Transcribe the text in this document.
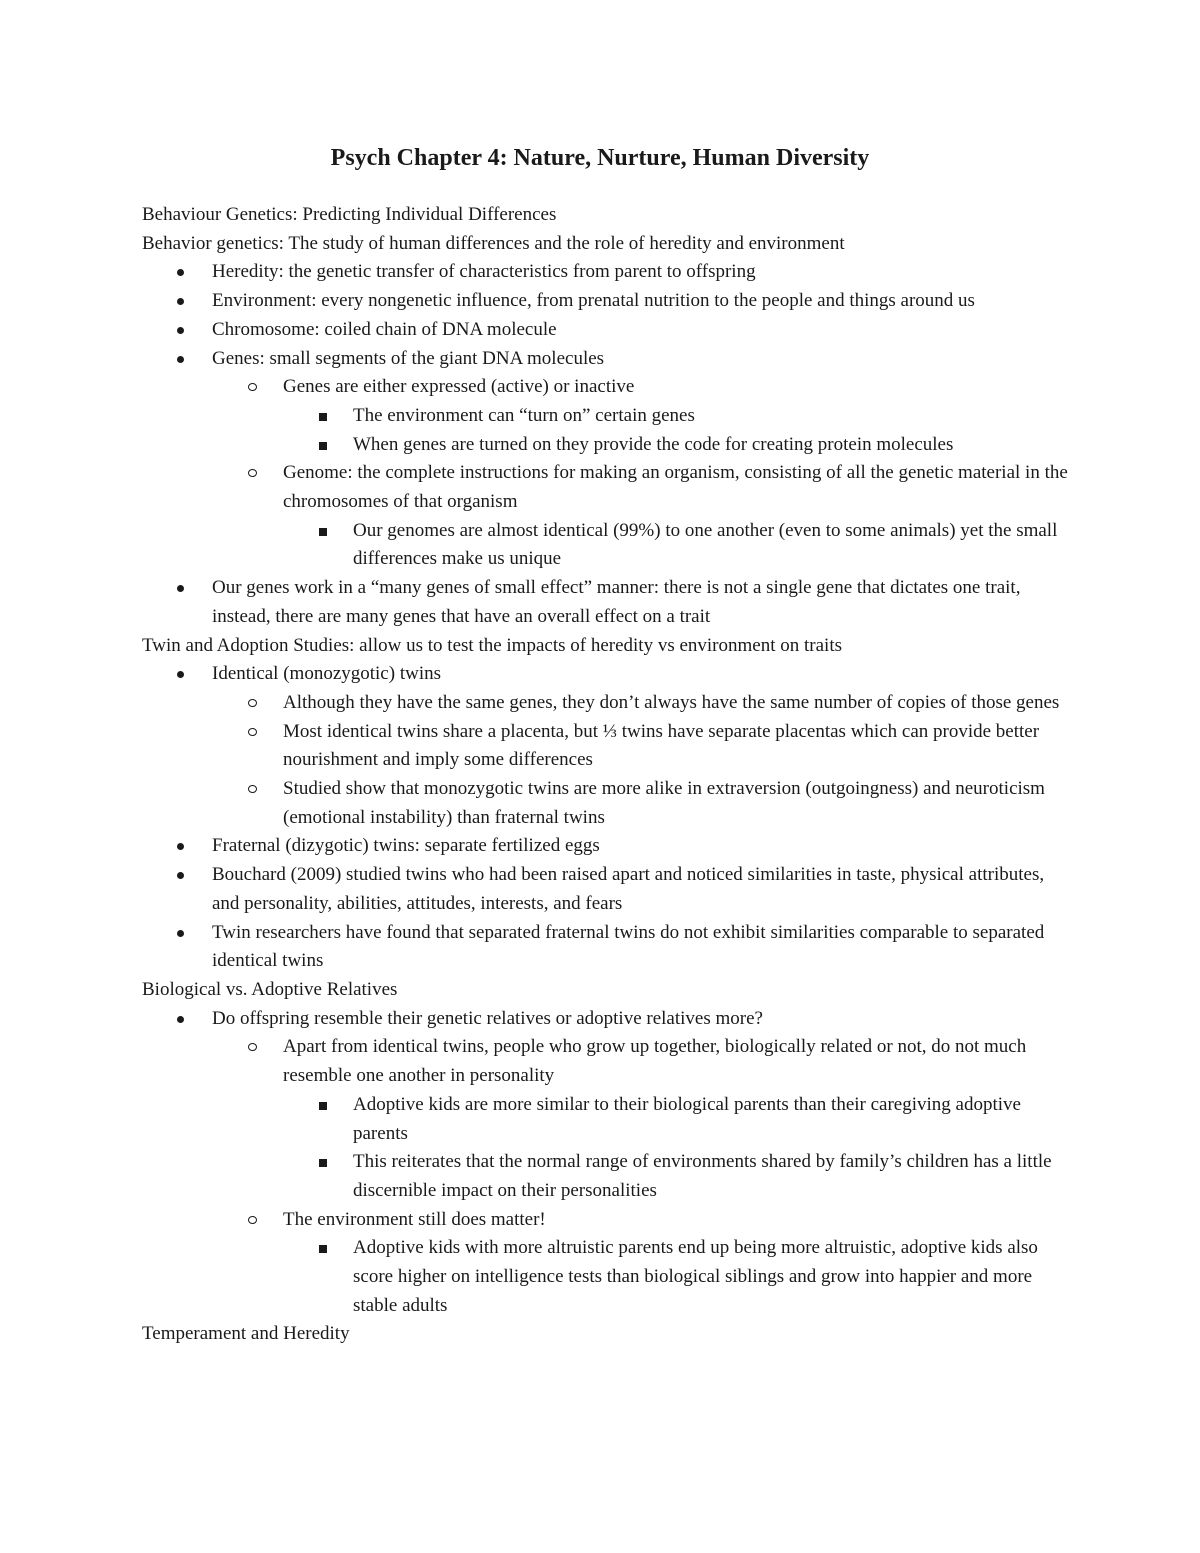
Psych Chapter 4: Nature, Nurture, Human Diversity

Behaviour Genetics: Predicting Individual Differences

Behavior genetics: The study of human differences and the role of heredity and environment

Heredity: the genetic transfer of characteristics from parent to offspring
Environment: every nongenetic influence, from prenatal nutrition to the people and things around us
Chromosome: coiled chain of DNA molecule
Genes: small segments of the giant DNA molecules
Genes are either expressed (active) or inactive
The environment can “turn on” certain genes
When genes are turned on they provide the code for creating protein molecules
Genome: the complete instructions for making an organism, consisting of all the genetic material in the chromosomes of that organism
Our genomes are almost identical (99%) to one another (even to some animals) yet the small differences make us unique
Our genes work in a “many genes of small effect” manner: there is not a single gene that dictates one trait, instead, there are many genes that have an overall effect on a trait

Twin and Adoption Studies: allow us to test the impacts of heredity vs environment on traits

Identical (monozygotic) twins
Although they have the same genes, they don’t always have the same number of copies of those genes
Most identical twins share a placenta, but ⅓ twins have separate placentas which can provide better nourishment and imply some differences
Studied show that monozygotic twins are more alike in extraversion (outgoingness) and neuroticism (emotional instability) than fraternal twins
Fraternal (dizygotic) twins: separate fertilized eggs
Bouchard (2009) studied twins who had been raised apart and noticed similarities in taste, physical attributes, and personality, abilities, attitudes, interests, and fears
Twin researchers have found that separated fraternal twins do not exhibit similarities comparable to separated identical twins

Biological vs. Adoptive Relatives

Do offspring resemble their genetic relatives or adoptive relatives more?
Apart from identical twins, people who grow up together, biologically related or not, do not much resemble one another in personality
Adoptive kids are more similar to their biological parents than their caregiving adoptive parents
This reiterates that the normal range of environments shared by family’s children has a little discernible impact on their personalities
The environment still does matter!
Adoptive kids with more altruistic parents end up being more altruistic, adoptive kids also score higher on intelligence tests than biological siblings and grow into happier and more stable adults

Temperament and Heredity
